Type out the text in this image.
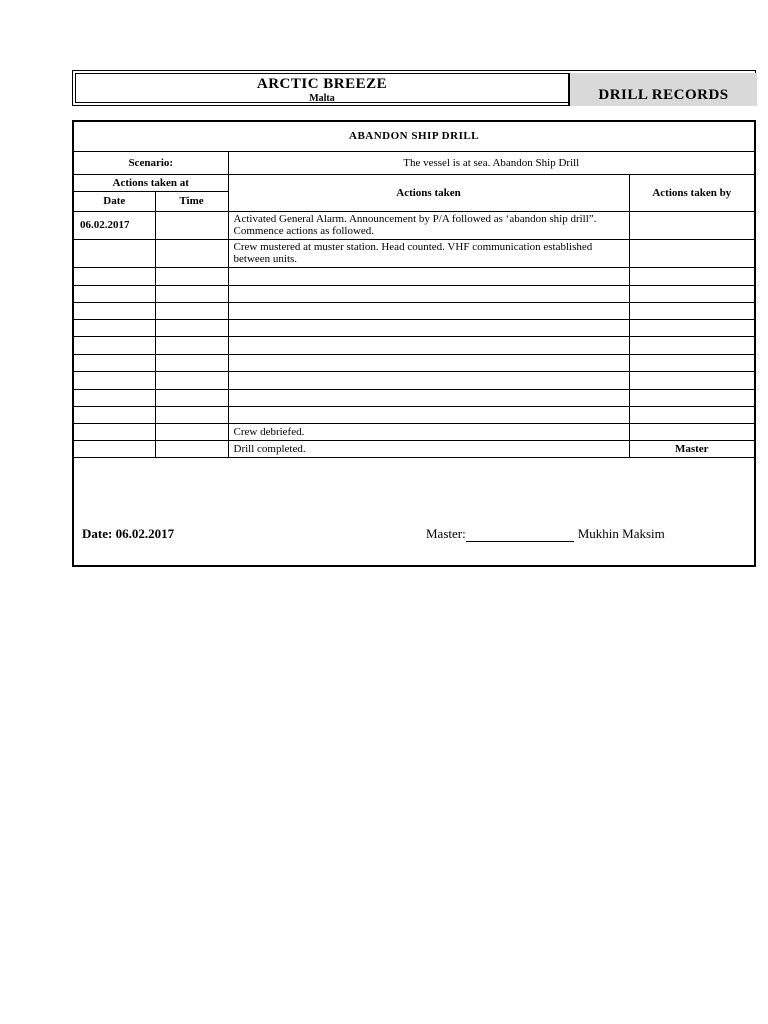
ARCTIC BREEZE
Malta	DRILL RECORDS
ABANDON SHIP DRILL			
Scenario:		The vessel is at sea. Abandon Ship Drill	
Actions taken at		Actions taken	Actions taken by
Date	Time		
06.02.2017		Activated General Alarm. Announcement by P/A followed as ‘abandon ship drill”. Commence actions as followed.	
		Crew mustered at muster station. Head counted. VHF communication established between units.	

		Crew debriefed.	
		Drill completed.	Master
Date: 06.02.2017	Master:	Mukhin Maksim
